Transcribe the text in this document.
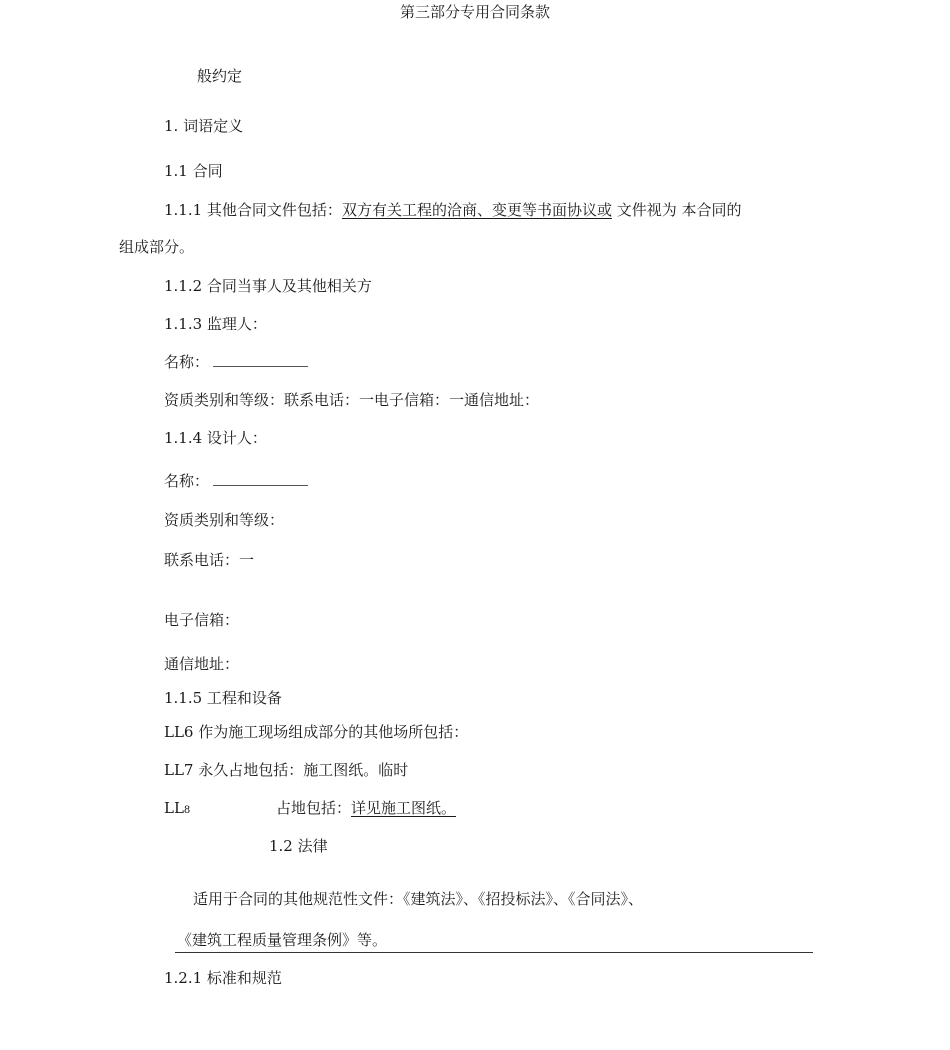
第三部分专用合同条款
般约定
1. 词语定义
1.1 合同
1.1.1 其他合同文件包括：双方有关工程的洽商、变更等书面协议或 文件视为 本合同的
组成部分。
1.1.2 合同当事人及其他相关方
1.1.3 监理人：
名称：
资质类别和等级：联系电话：一电子信箱：一通信地址：
1.1.4 设计人：
名称：
资质类别和等级：
联系电话：一
电子信箱：
通信地址：
1.1.5 工程和设备
LL6 作为施工现场组成部分的其他场所包括：
LL7 永久占地包括：施工图纸。临时
LL8	占地包括：详见施工图纸。
1.2 法律
适用于合同的其他规范性文件：《建筑法》、《招投标法》、《合同法》、
《建筑工程质量管理条例》等。
1.2.1 标准和规范
